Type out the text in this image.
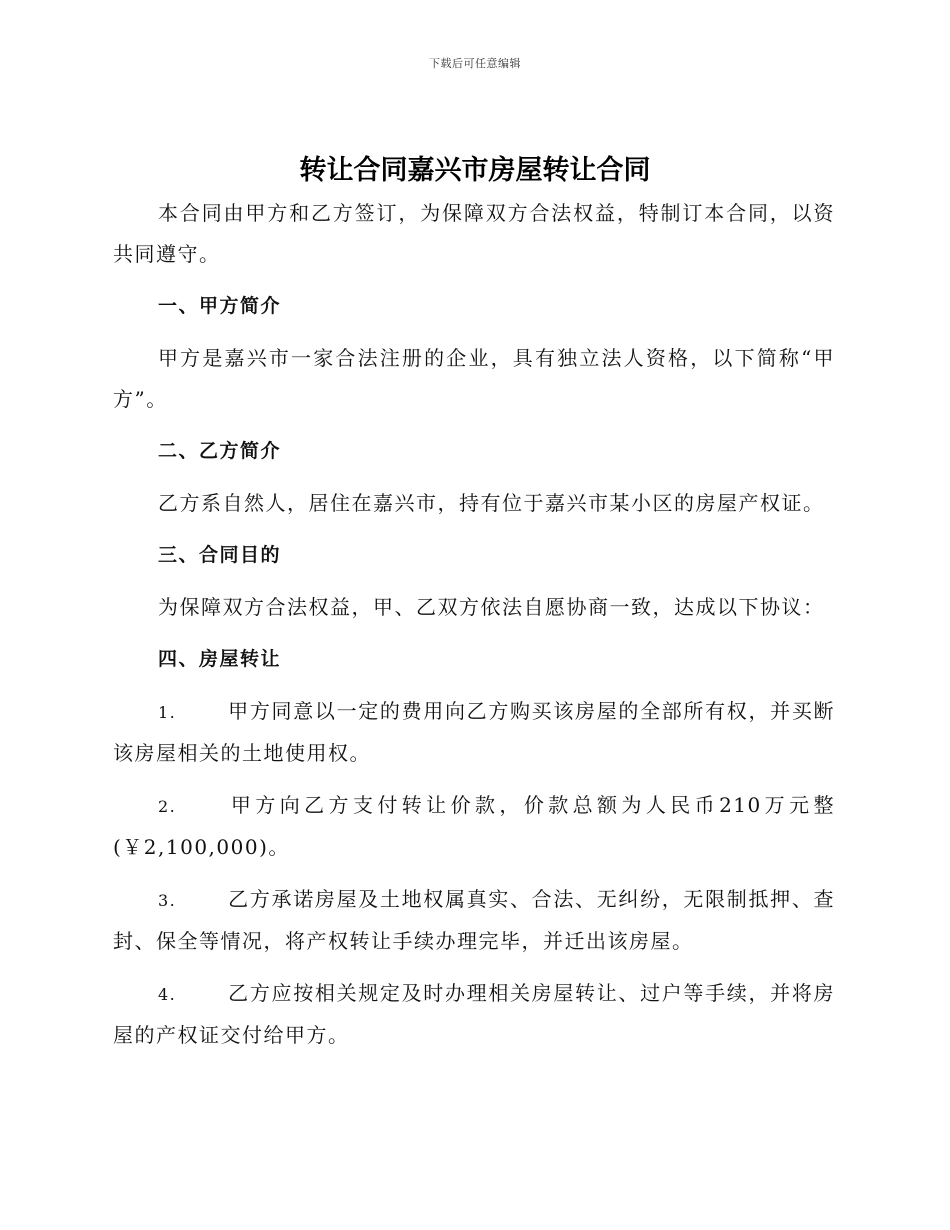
下载后可任意编辑
转让合同嘉兴市房屋转让合同

本合同由甲方和乙方签订，为保障双方合法权益，特制订本合同，以资共同遵守。

一、甲方简介

甲方是嘉兴市一家合法注册的企业，具有独立法人资格，以下简称“甲方”。

二、乙方简介

乙方系自然人，居住在嘉兴市，持有位于嘉兴市某小区的房屋产权证。

三、合同目的

为保障双方合法权益，甲、乙双方依法自愿协商一致，达成以下协议：

四、房屋转让

1.	甲方同意以一定的费用向乙方购买该房屋的全部所有权，并买断该房屋相关的土地使用权。

2.	甲方向乙方支付转让价款，价款总额为人民币210万元整(￥2,100,000)。

3.	乙方承诺房屋及土地权属真实、合法、无纠纷，无限制抵押、查封、保全等情况，将产权转让手续办理完毕，并迁出该房屋。

4.	乙方应按相关规定及时办理相关房屋转让、过户等手续，并将房屋的产权证交付给甲方。
